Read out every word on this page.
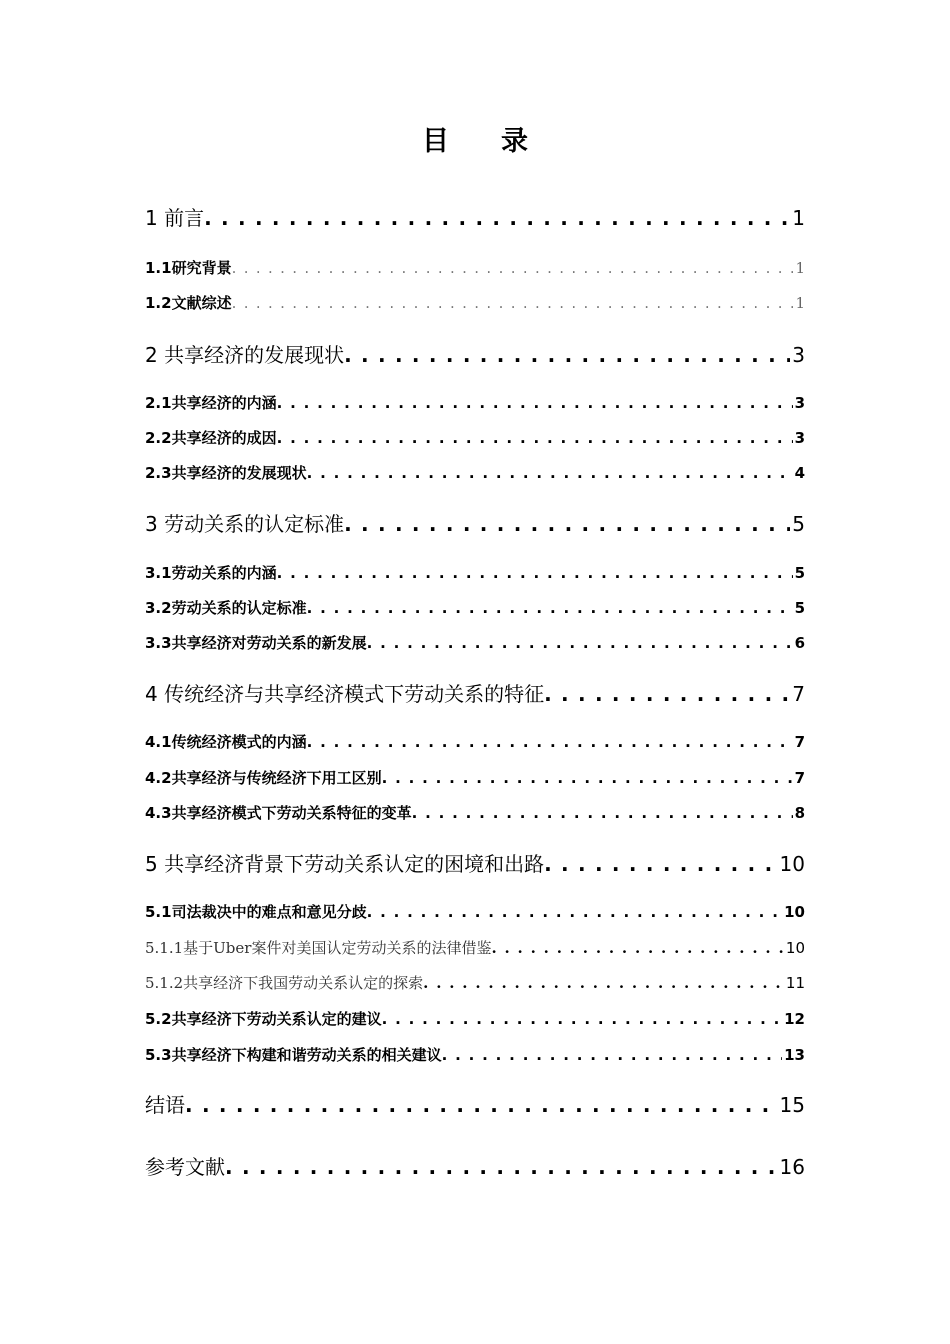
目 录
1 前言 . . .	1
1.1研究背景 . . .	1
1.2文献综述 . . .	1
2 共享经济的发展现状 . . .	3
2.1共享经济的内涵 . . .	3
2.2共享经济的成因 . . .	3
2.3共享经济的发展现状 . . .	4
3 劳动关系的认定标准 . . .	5
3.1劳动关系的内涵 . . .	5
3.2劳动关系的认定标准 . . .	5
3.3共享经济对劳动关系的新发展 . . .	6
4 传统经济与共享经济模式下劳动关系的特征 . . .	7
4.1传统经济模式的内涵 . . .	7
4.2共享经济与传统经济下用工区别 . . .	7
4.3共享经济模式下劳动关系特征的变革 . . .	8
5 共享经济背景下劳动关系认定的困境和出路 . . .	10
5.1司法裁决中的难点和意见分歧 . . .	10
5.1.1基于Uber案件对美国认定劳动关系的法律借鉴 . . .	10
5.1.2共享经济下我国劳动关系认定的探索 . . .	11
5.2共享经济下劳动关系认定的建议 . . .	12
5.3共享经济下构建和谐劳动关系的相关建议 . . .	13
结语 . . .	15
参考文献 . . .	16
